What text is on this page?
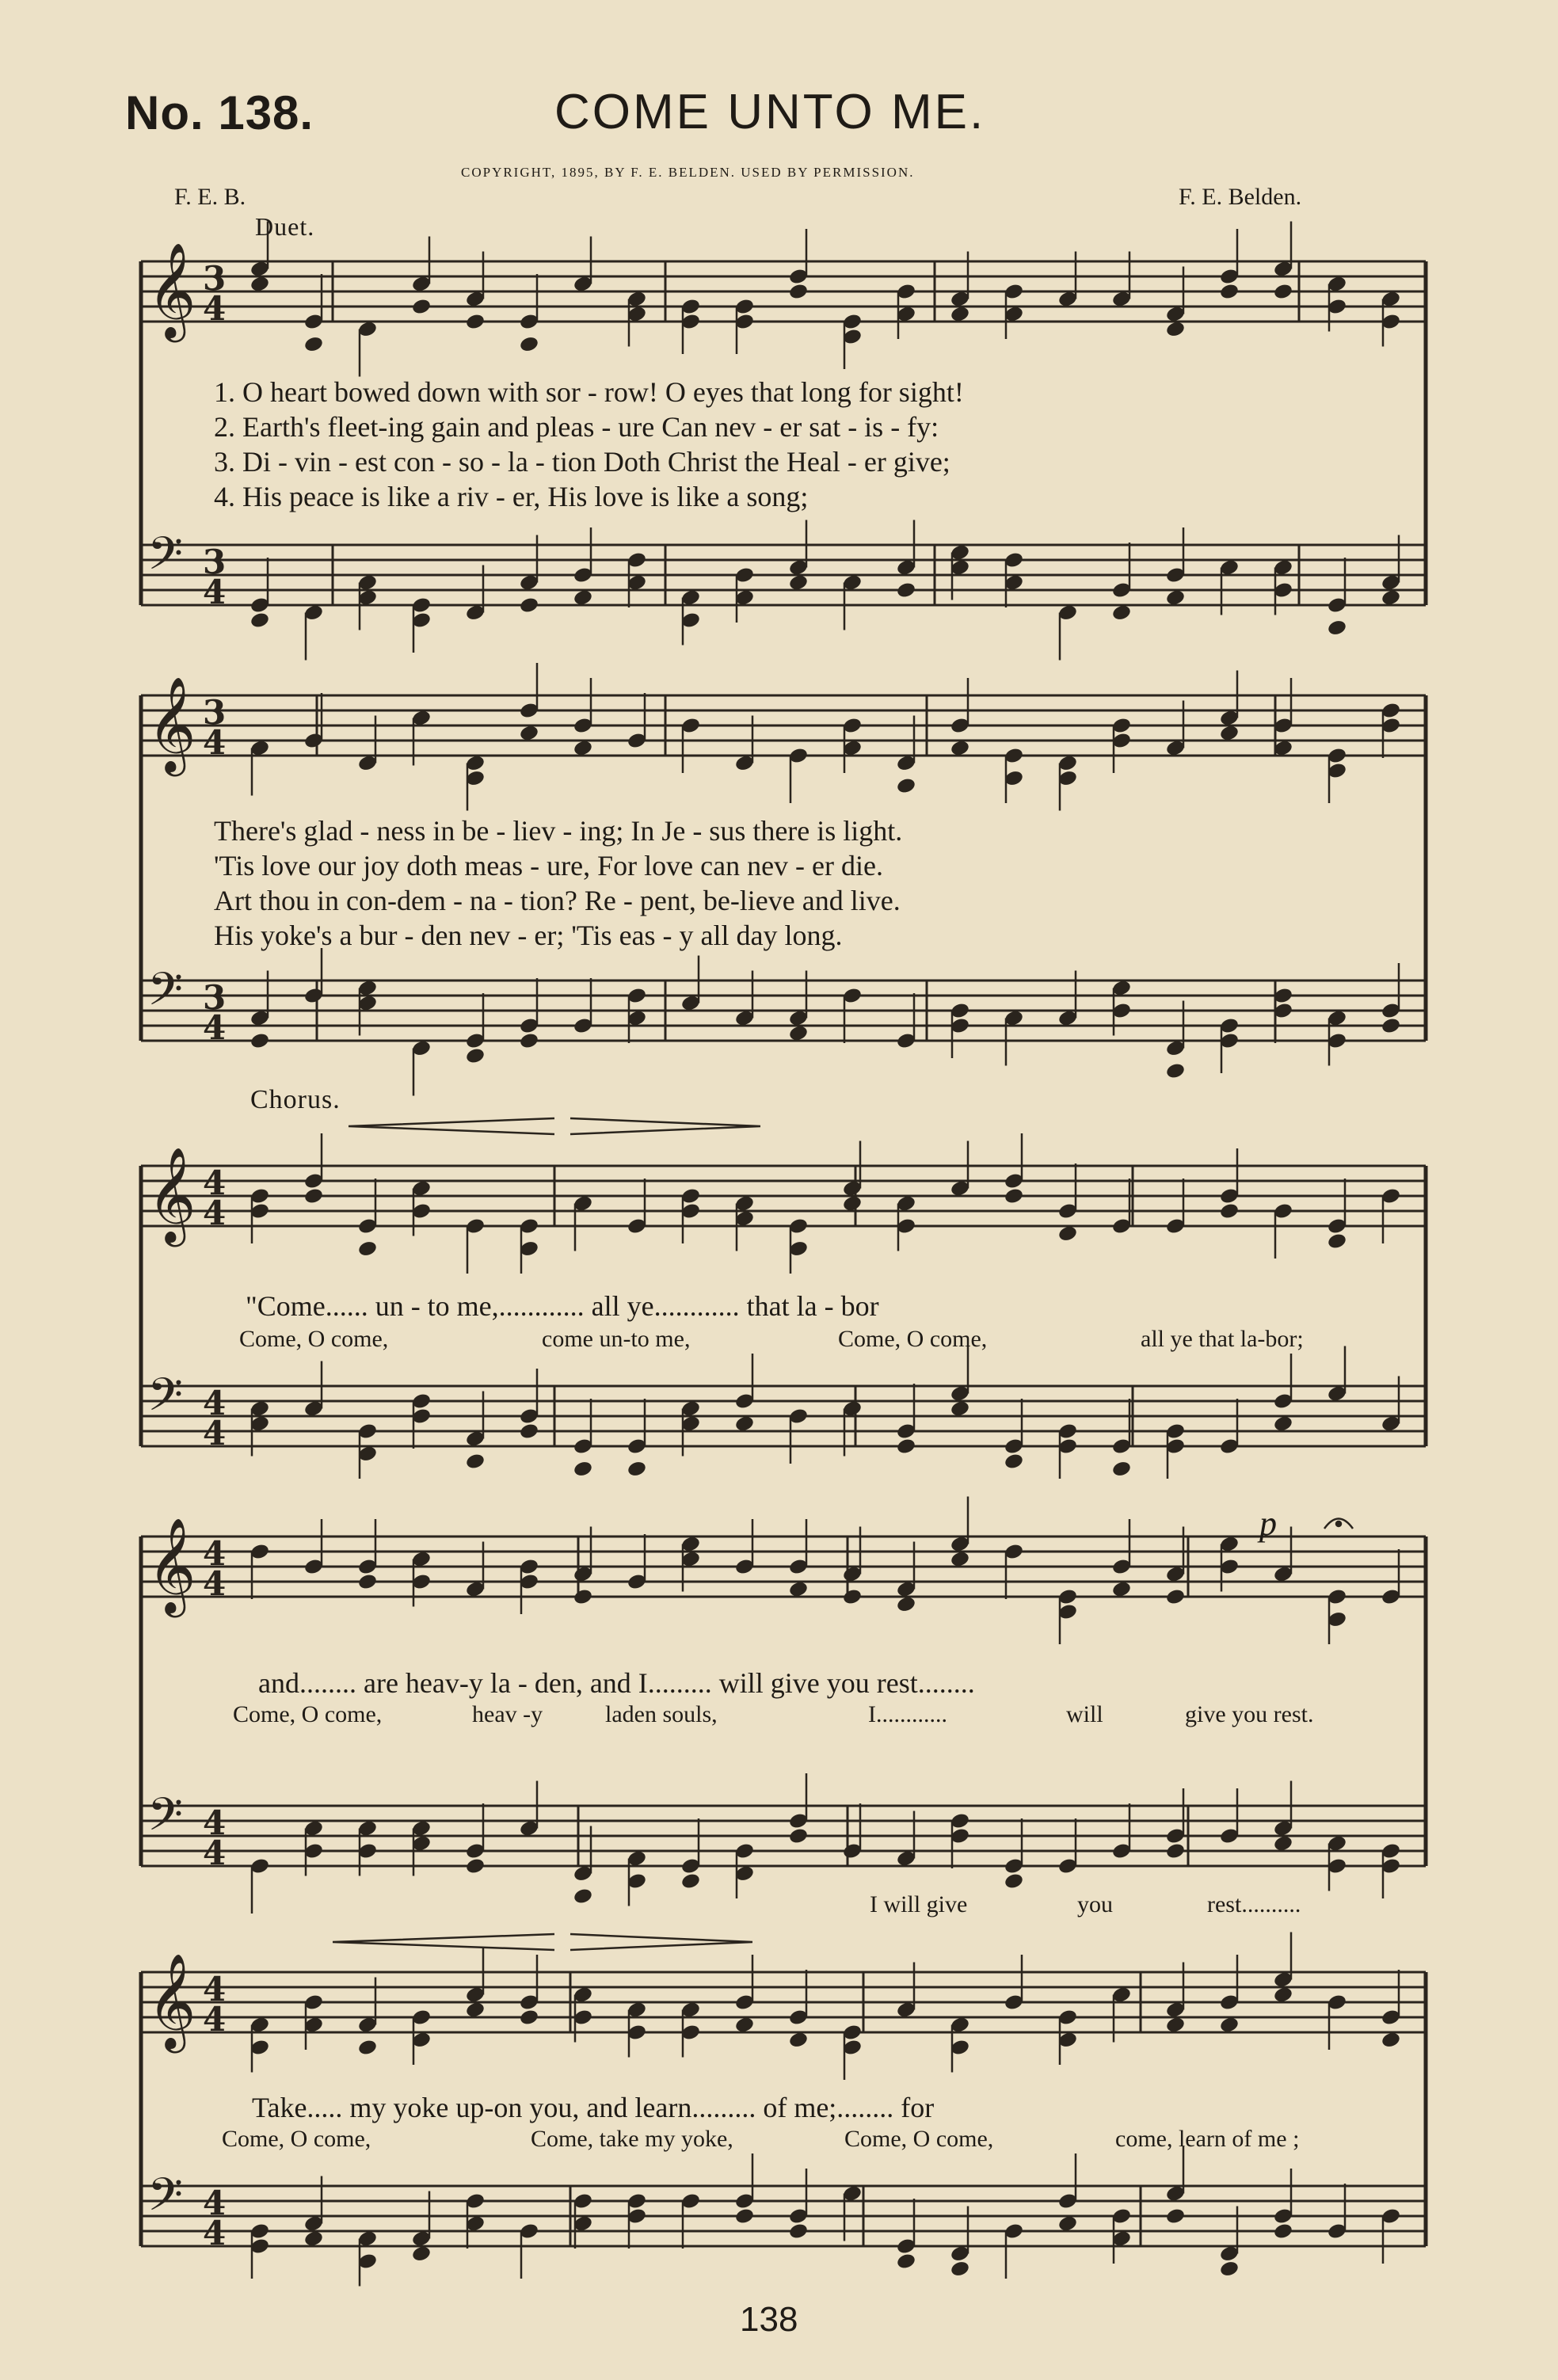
No. 138.	COME UNTO ME.
COPYRIGHT, 1895, BY F. E. BELDEN. USED BY PERMISSION.
F. E. B.	F. E. Belden.
Duet.
Chorus.
𝄞 3
4
𝄢 3
4
𝄞 3
4
𝄢 3
4
𝄞 4
4
𝄢 4
4
𝄞 4
4
𝄢 4
4
𝄞 4
4
𝄢 4
4
1. O heart bowed down with sor - row! O eyes that long for sight!
2. Earth's fleet-ing gain and pleas - ure Can nev - er sat - is - fy:
3. Di - vin - est con - so - la - tion Doth Christ the Heal - er give;
4. His peace is like a riv - er, His love is like a song;
There's glad - ness in be - liev - ing; In Je - sus there is light.
'Tis love our joy doth meas - ure, For love can nev - er die.
Art thou in con-dem - na - tion? Re - pent, be-lieve and live.
His yoke's a bur - den nev - er; 'Tis eas - y all day long.
"Come...... un - to me,............ all ye............ that la - bor
Come, O come,	come un-to me,	Come, O come,	all ye that la-bor;
and........ are heav-y la - den, and I......... will give you rest........
Come, O come,	heav -y	laden souls,	I............	will	give you rest.
I will give	you	rest..........
p
Take..... my yoke up-on you, and learn......... of me;........ for
Come, O come,	Come, take my yoke,	Come, O come,	come, learn of me ;
138
